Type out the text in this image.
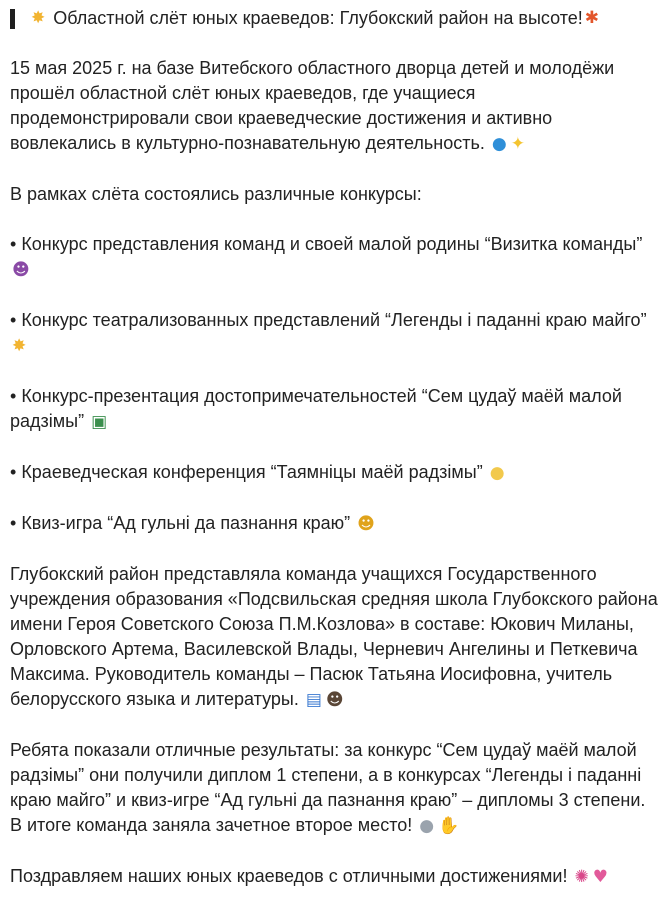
✸ Областной слёт юных краеведов: Глубокский район на высоте! ✱

15 мая 2025 г. на базе Витебского областного дворца детей и молодёжи прошёл областной слёт юных краеведов, где учащиеся продемонстрировали свои краеведческие достижения и активно вовлекались в культурно-познавательную деятельность. ● ✦

В рамках слёта состоялись различные конкурсы:

• Конкурс представления команд и своей малой родины “Визитка команды”
☻

• Конкурс театрализованных представлений “Легенды і паданні краю майго”
✸

• Конкурс-презентация достопримечательностей “Сем цудаў маёй малой радзімы” ▣

• Краеведческая конференция “Таямніцы маёй радзімы” ●

• Квиз-игра “Ад гульні да пазнання краю” ☻

Глубокский район представляла команда учащихся Государственного учреждения образования «Подсвильская средняя школа Глубокского района имени Героя Советского Союза П.М.Козлова» в составе: Юкович Миланы, Орловского Артема, Василевской Влады, Черневич Ангелины и Петкевича Максима. Руководитель команды – Пасюк Татьяна Иосифовна, учитель белорусского языка и литературы. ▤ ☻

Ребята показали отличные результаты: за конкурс “Сем цудаў маёй малой радзімы” они получили диплом 1 степени, а в конкурсах “Легенды і паданні краю майго” и квиз-игре “Ад гульні да пазнання краю” – дипломы 3 степени. В итоге команда заняла зачетное второе место! ● ✋

Поздравляем наших юных краеведов с отличными достижениями! ✺ ♥
